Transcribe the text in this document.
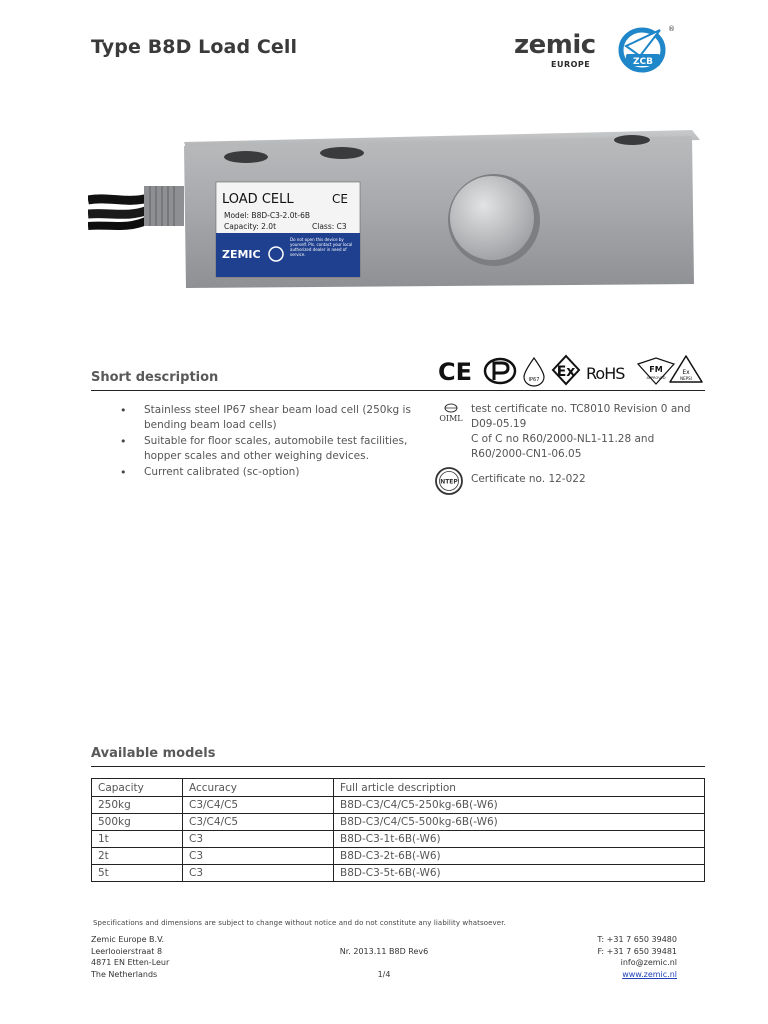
Type B8D Load Cell	zemic
EUROPE	ZCB
®
LOAD CELL	CE
Model: B8D-C3-2.0t-6B
Capacity: 2.0t	Class: C3
ZEMIC
Do not open this device by yourself. Pls. contact your local authorized dealer in need of service.
Short description	CE	IP67 Ex RoHS	FM
APPROVED
Ex
NEPSI
• Stainless steel IP67 shear beam load cell (250kg is bending beam load cells)
• Suitable for floor scales, automobile test facilities, hopper scales and other weighing devices.
• Current calibrated (sc-option)
OIML
test certificate no. TC8010 Revision 0 and
D09-05.19
C of C no R60/2000-NL1-11.28 and
R60/2000-CN1-06.05
NTEP Certificate no. 12-022
Available models
Capacity	Accuracy	Full article description
250kg	C3/C4/C5	B8D-C3/C4/C5-250kg-6B(-W6)
500kg	C3/C4/C5	B8D-C3/C4/C5-500kg-6B(-W6)
1t	C3	B8D-C3-1t-6B(-W6)
2t	C3	B8D-C3-2t-6B(-W6)
5t	C3	B8D-C3-5t-6B(-W6)
Specifications and dimensions are subject to change without notice and do not constitute any liability whatsoever.
Zemic Europe B.V.
Leerlooierstraat 8
4871 EN Etten-Leur
The Netherlands

Nr. 2013.11 B8D Rev6

1/4
T: +31 7 650 39480
F: +31 7 650 39481
info@zemic.nl
www.zemic.nl
